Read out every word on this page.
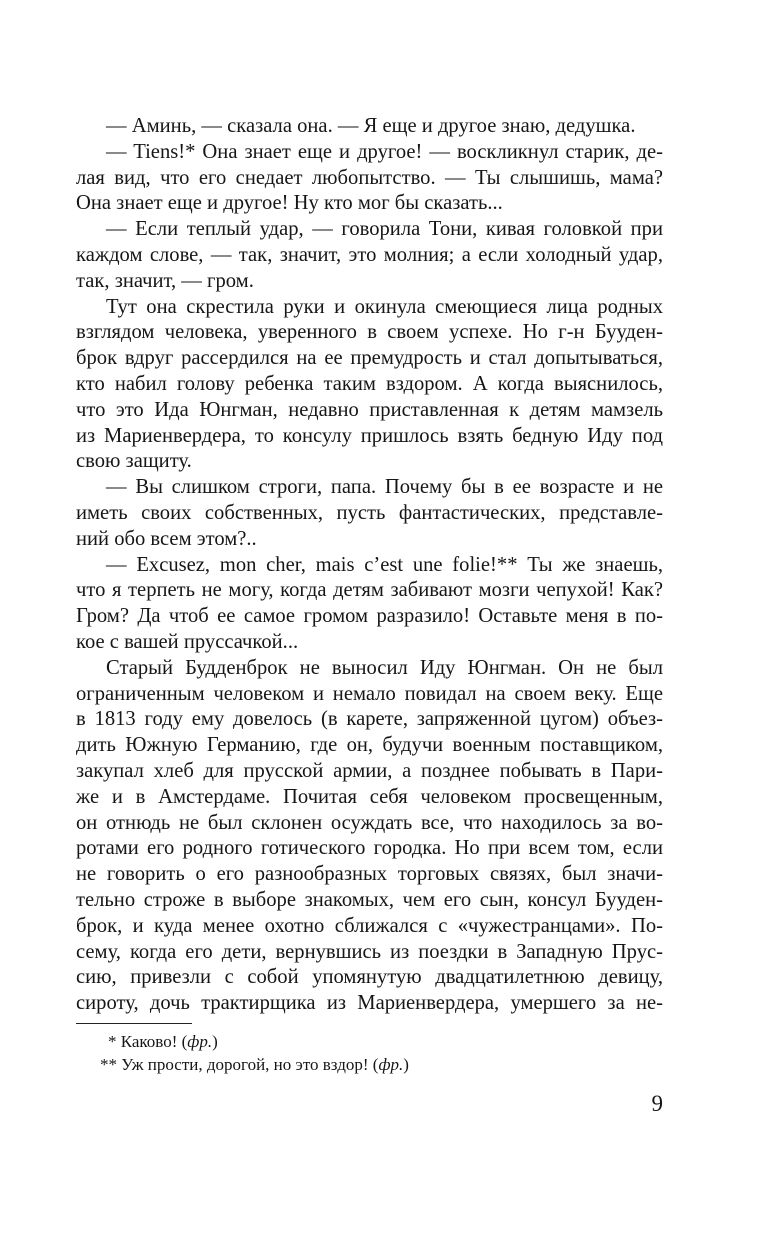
— Аминь, — сказала она. — Я еще и другое знаю, дедушка.
— Tiens!* Она знает еще и другое! — воскликнул старик, де-
лая вид, что его снедает любопытство. — Ты слышишь, мама?
Она знает еще и другое! Ну кто мог бы сказать...
— Если теплый удар, — говорила Тони, кивая головкой при
каждом слове, — так, значит, это молния; а если холодный удар,
так, значит, — гром.
Тут она скрестила руки и окинула смеющиеся лица родных
взглядом человека, уверенного в своем успехе. Но г-н Бууден-
брок вдруг рассердился на ее премудрость и стал допытываться,
кто набил голову ребенка таким вздором. А когда выяснилось,
что это Ида Юнгман, недавно приставленная к детям мамзель
из Мариенвердера, то консулу пришлось взять бедную Иду под
свою защиту.
— Вы слишком строги, папа. Почему бы в ее возрасте и не
иметь своих собственных, пусть фантастических, представле-
ний обо всем этом?..
— Excusez, mon cher, mais c’est une folie!** Ты же знаешь,
что я терпеть не могу, когда детям забивают мозги чепухой! Как?
Гром? Да чтоб ее самое громом разразило! Оставьте меня в по-
кое с вашей пруссачкой...
Старый Будденброк не выносил Иду Юнгман. Он не был
ограниченным человеком и немало повидал на своем веку. Еще
в 1813 году ему довелось (в карете, запряженной цугом) объез-
дить Южную Германию, где он, будучи военным поставщиком,
закупал хлеб для прусской армии, а позднее побывать в Пари-
же и в Амстердаме. Почитая себя человеком просвещенным,
он отнюдь не был склонен осуждать все, что находилось за во-
ротами его родного готического городка. Но при всем том, если
не говорить о его разнообразных торговых связях, был значи-
тельно строже в выборе знакомых, чем его сын, консул Бууден-
брок, и куда менее охотно сближался с «чужестранцами». По-
сему, когда его дети, вернувшись из поездки в Западную Прус-
сию, привезли с собой упомянутую двадцатилетнюю девицу,
сироту, дочь трактирщика из Мариенвердера, умершего за не-
* Каково! (фр.)
** Уж прости, дорогой, но это вздор! (фр.)
9
